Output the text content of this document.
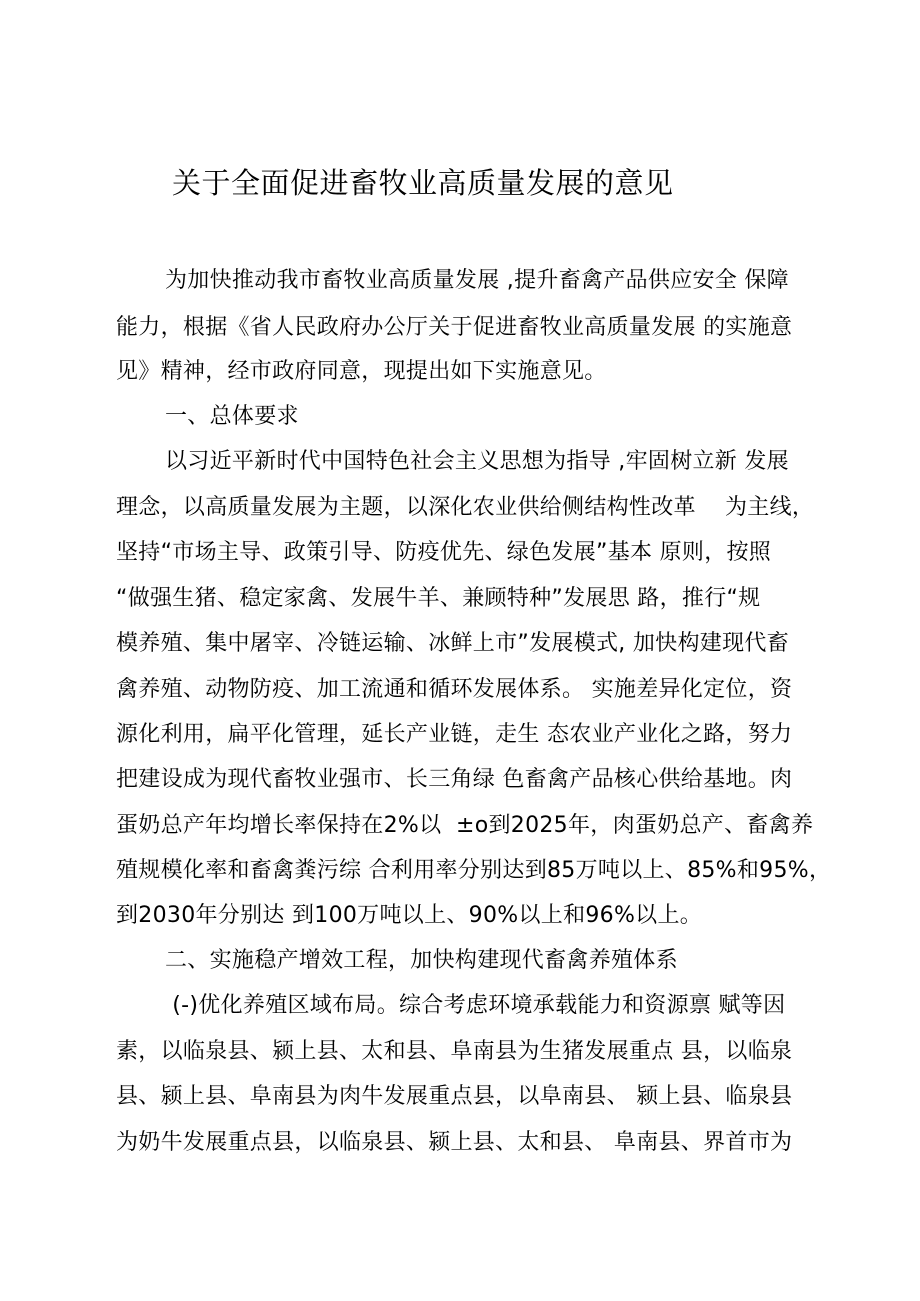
关于全面促进畜牧业高质量发展的意见
为加快推动我市畜牧业高质量发展 ,提升畜禽产品供应安全 保障
能力，根据《省人民政府办公厅关于促进畜牧业高质量发展 的实施意
见》精神，经市政府同意，现提出如下实施意见。
一、总体要求
以习近平新时代中国特色社会主义思想为指导 ,牢固树立新 发展
理念，以高质量发展为主题，以深化农业供给侧结构性改革    为主线，
坚持“市场主导、政策引导、防疫优先、绿色发展”基本 原则，按照
“做强生猪、稳定家禽、发展牛羊、兼顾特种”发展思 路，推行“规
模养殖、集中屠宰、冷链运输、冰鲜上市”发展模式, 加快构建现代畜
禽养殖、动物防疫、加工流通和循环发展体系。 实施差异化定位，资
源化利用，扁平化管理，延长产业链，走生 态农业产业化之路，努力
把建设成为现代畜牧业强市、长三角绿 色畜禽产品核心供给基地。肉
蛋奶总产年均增长率保持在2%以  ±o到2025年，肉蛋奶总产、畜禽养
殖规模化率和畜禽粪污综 合利用率分别达到85万吨以上、85%和95%，
到2030年分别达 到100万吨以上、90%以上和96%以上。
二、实施稳产增效工程，加快构建现代畜禽养殖体系
(-)优化养殖区域布局。综合考虑环境承载能力和资源禀 赋等因
素，以临泉县、颍上县、太和县、阜南县为生猪发展重点 县，以临泉
县、颍上县、阜南县为肉牛发展重点县，以阜南县、 颍上县、临泉县
为奶牛发展重点县，以临泉县、颍上县、太和县、 阜南县、界首市为
